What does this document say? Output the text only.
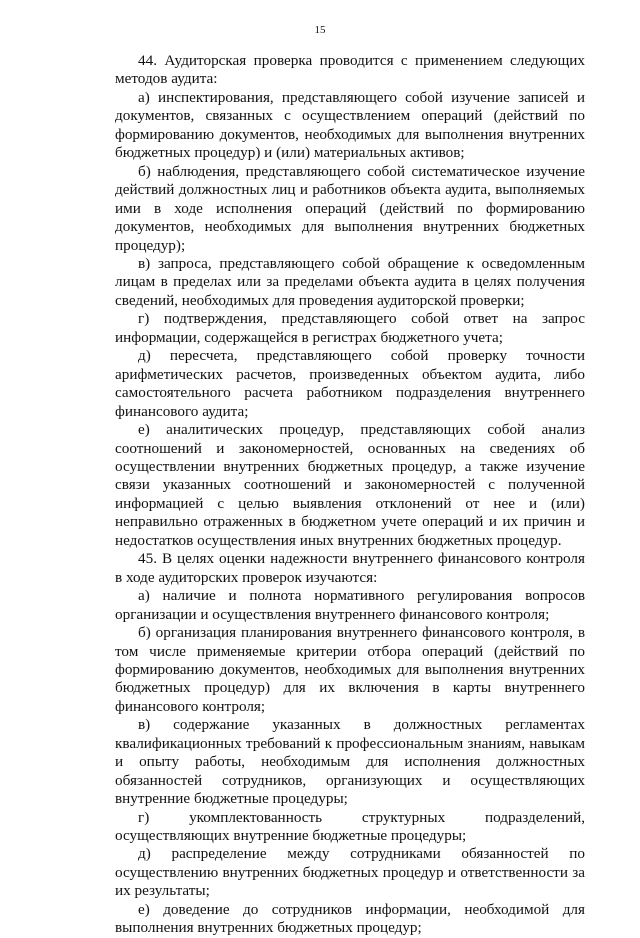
15

44. Аудиторская проверка проводится с применением следующих методов аудита:

а) инспектирования, представляющего собой изучение записей и документов, связанных с осуществлением операций (действий по формированию документов, необходимых для выполнения внутренних бюджетных процедур) и (или) материальных активов;

б) наблюдения, представляющего собой систематическое изучение действий должностных лиц и работников объекта аудита, выполняемых ими в ходе исполнения операций (действий по формированию документов, необходимых для выполнения внутренних бюджетных процедур);

в) запроса, представляющего собой обращение к осведомленным лицам в пределах или за пределами объекта аудита в целях получения сведений, необходимых для проведения аудиторской проверки;

г) подтверждения, представляющего собой ответ на запрос информации, содержащейся в регистрах бюджетного учета;

д) пересчета, представляющего собой проверку точности арифметических расчетов, произведенных объектом аудита, либо самостоятельного расчета работником подразделения внутреннего финансового аудита;

е) аналитических процедур, представляющих собой анализ соотношений и закономерностей, основанных на сведениях об осуществлении внутренних бюджетных процедур, а также изучение связи указанных соотношений и закономерностей с полученной информацией с целью выявления отклонений от нее и (или) неправильно отраженных в бюджетном учете операций и их причин и недостатков осуществления иных внутренних бюджетных процедур.

45. В целях оценки надежности внутреннего финансового контроля в ходе аудиторских проверок изучаются:

а) наличие и полнота нормативного регулирования вопросов организации и осуществления внутреннего финансового контроля;

б) организация планирования внутреннего финансового контроля, в том числе применяемые критерии отбора операций (действий по формированию документов, необходимых для выполнения внутренних бюджетных процедур) для их включения в карты внутреннего финансового контроля;

в) содержание указанных в должностных регламентах квалификационных требований к профессиональным знаниям, навыкам и опыту работы, необходимым для исполнения должностных обязанностей сотрудников, организующих и осуществляющих внутренние бюджетные процедуры;

г) укомплектованность структурных подразделений, осуществляющих внутренние бюджетные процедуры;

д) распределение между сотрудниками обязанностей по осуществлению внутренних бюджетных процедур и ответственности за их результаты;

е) доведение до сотрудников информации, необходимой для выполнения внутренних бюджетных процедур;
